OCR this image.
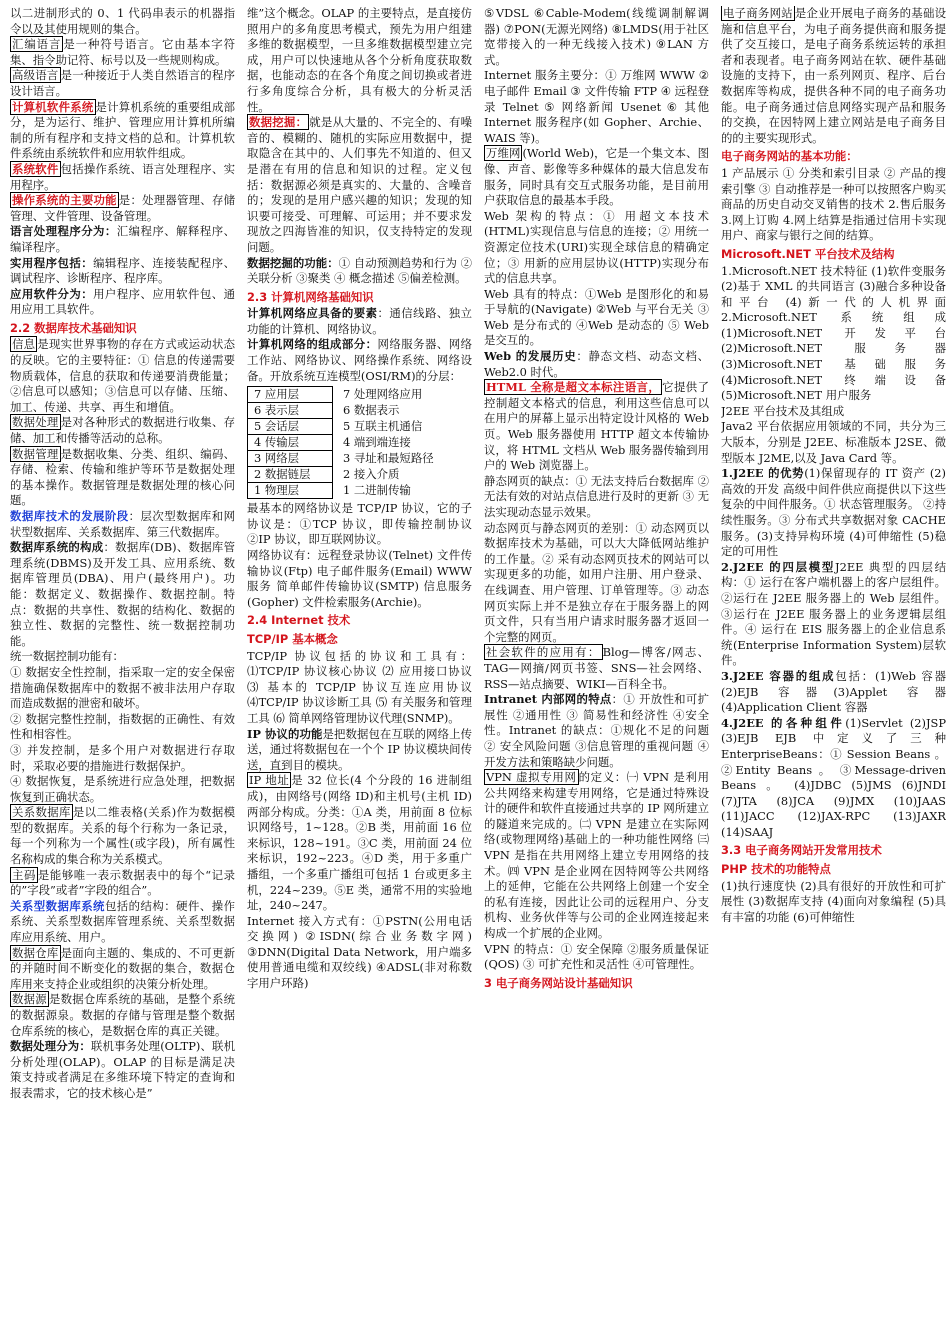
以二进制形式的 0、1 代码串表示的机器指令以及其使用规则的集合。

汇编语言 是一种符号语言。它由基本字符集、指令助记符、标号以及一些规则构成。

高级语言 是一种接近于人类自然语言的程序设计语言。

计算机软件系统 是计算机系统的重要组成部分，是为运行、维护、管理应用计算机所编制的所有程序和支持文档的总和。计算机软件系统由系统软件和应用软件组成。

系统软件 包括操作系统、语言处理程序、实用程序。

操作系统的主要功能 是：处理器管理、存储管理、文件管理、设备管理。

语言处理程序分为：汇编程序、解释程序、编译程序。

实用程序包括：编辑程序、连接装配程序、调试程序、诊断程序、程序库。

应用软件分为：用户程序、应用软件包、通用应用工具软件。

2.2 数据库技术基础知识

信息 是现实世界事物的存在方式或运动状态的反映。它的主要特征：① 信息的传递需要物质载体，信息的获取和传递要消费能量；②信息可以感知；③信息可以存储、压缩、加工、传递、共享、再生和增值。

数据处理 是对各种形式的数据进行收集、存储、加工和传播等活动的总称。

数据管理 是数据收集、分类、组织、编码、存储、检索、传输和维护等环节是数据处理的基本操作。数据管理是数据处理的核心问题。

数据库技术的发展阶段：层次型数据库和网状型数据库、关系数据库、第三代数据库。

数据库系统的构成：数据库(DB)、数据库管理系统(DBMS)及开发工具、应用系统、数据库管理员(DBA)、用户(最终用户)。功能：数据定义、数据操作、数据控制。特点：数据的共享性、数据的结构化、数据的独立性、数据的完整性、统一数据控制功能。

统一数据控制功能有：

① 数据安全性控制，指采取一定的安全保密措施确保数据库中的数据不被非法用户存取而造成数据的泄密和破坏。

② 数据完整性控制，指数据的正确性、有效性和相容性。

③ 并发控制，是多个用户对数据进行存取时，采取必要的措施进行数据保护。

④ 数据恢复，是系统进行应急处理，把数据恢复到正确状态。

关系数据库 是以二维表格(关系)作为数据模型的数据库。关系的每个行称为一条记录，每一个列称为一个属性(或字段)，所有属性名称构成的集合称为关系模式。

主码 是能够唯一表示数据表中的每个“记录的”字段”或者”字段的组合”。

关系型数据库系统包括的结构：硬件、操作系统、关系型数据库管理系统、关系型数据库应用系统、用户。

数据仓库 是面向主题的、集成的、不可更新的并随时间不断变化的数据的集合，数据仓库用来支持企业或组织的决策分析处理。

数据源 是数据仓库系统的基础，是整个系统的数据源泉。数据的存储与管理是整个数据仓库系统的核心，是数据仓库的真正关键。

数据处理分为：联机事务处理(OLTP)、联机分析处理(OLAP)。OLAP 的目标是满足决策支持或者满足在多维环境下特定的查询和报表需求，它的技术核心是”

维”这个概念。OLAP 的主要特点，是直接仿照用户的多角度思考模式，预先为用户组建多维的数据模型，一旦多维数据模型建立完成，用户可以快速地从各个分析角度获取数据，也能动态的在各个角度之间切换或者进行多角度综合分析，具有极大的分析灵活性。

数据挖掘： 就是从大量的、不完全的、有噪音的、模糊的、随机的实际应用数据中，提取隐含在其中的、人们事先不知道的、但又是潜在有用的信息和知识的过程。定义包括：数据源必须是真实的、大量的、含噪音的；发现的是用户感兴趣的知识；发现的知识要可接受、可理解、可运用；并不要求发现放之四海皆准的知识，仅支持特定的发现问题。

数据挖掘的功能：① 自动预测趋势和行为 ② 关联分析 ③聚类 ④ 概念描述 ⑤偏差检测。

2.3 计算机网络基础知识

计算机网络应具备的要素：通信线路、独立功能的计算机、网络协议。

计算机网络的组成部分：网络服务器、网络工作站、网络协议、网络操作系统、网络设备。开放系统互连模型(OSI/RM)的分层：

7 应用层
6 表示层
5 会话层
4 传输层
3 网络层
2 数据链层
1 物理层
7 处理网络应用
6 数据表示
5 互联主机通信
4 端到端连接
3 寻址和最短路径
2 接入介质
1 二进制传输

最基本的网络协议是 TCP/IP 协议，它的子协议是：①TCP 协议，即传输控制协议 ②IP 协议，即互联网协议。

网络协议有：远程登录协议(Telnet) 文件传输协议(Ftp) 电子邮件服务(Email) WWW 服务 简单邮件传输协议(SMTP) 信息服务(Gopher) 文件检索服务(Archie)。

2.4 Internet 技术

TCP/IP 基本概念

TCP/IP 协议包括的协议和工具有：⑴TCP/IP 协议核心协议 ⑵ 应用接口协议 ⑶ 基本的 TCP/IP 协议互连应用协议 ⑷TCP/IP 协议诊断工具 ⑸ 有关服务和管理工具 ⑹ 简单网络管理协议代理(SNMP)。

IP 协议的功能是把数据包在互联的网络上传送，通过将数据包在一个个 IP 协议模块间传送，直到目的模块。

IP 地址 是 32 位长(4 个分段的 16 进制组成)，由网络号(网络 ID)和主机号(主机 ID)两部分构成。分类：①A 类，用前面 8 位标识网络号，1~128。②B 类，用前面 16 位来标识，128~191。③C 类，用前面 24 位来标识，192~223。④D 类，用于多重广播组，一个多重广播组可包括 1 台或更多主机，224~239。⑤E 类，通常不用的实验地址，240~247。

Internet 接入方式有：①PSTN(公用电话交换网) ②ISDN(综合业务数字网) ③DNN(Digital Data Network，用户端多使用普通电缆和双绞线) ④ADSL(非对称数字用户环路)

⑤VDSL ⑥Cable-Modem(线缆调制解调器) ⑦PON(无源光网络) ⑧LMDS(用于社区宽带接入的一种无线接入技术) ⑨LAN 方式。

Internet 服务主要分：① 万维网 WWW ② 电子邮件 Email ③ 文件传输 FTP ④ 远程登录 Telnet ⑤ 网络新闻 Usenet ⑥ 其他 Internet 服务程序(如 Gopher、Archie、WAIS 等)。

万维网 (World Web)，它是一个集文本、图像、声音、影像等多种媒体的最大信息发布服务，同时具有交互式服务功能，是目前用户获取信息的最基本手段。

Web 架构的特点：① 用超文本技术(HTML)实现信息与信息的连接；② 用统一资源定位技术(URI)实现全球信息的精确定位；③ 用新的应用层协议(HTTP)实现分布式的信息共享。

Web 具有的特点：①Web 是图形化的和易于导航的(Navigate) ②Web 与平台无关 ③ Web 是分布式的 ④Web 是动态的 ⑤ Web 是交互的。

Web 的发展历史：静态文档、动态文档、Web2.0 时代。

HTML 全称是超文本标注语言， 它提供了控制超文本格式的信息，利用这些信息可以在用户的屏幕上显示出特定设计风格的 Web 页。Web 服务器使用 HTTP 超文本传输协议，将 HTML 文档从 Web 服务器传输到用户的 Web 浏览器上。

静态网页的缺点：① 无法支持后台数据库 ② 无法有效的对站点信息进行及时的更新 ③ 无法实现动态显示效果。

动态网页与静态网页的差别：① 动态网页以数据库技术为基础，可以大大降低网站维护的工作量。② 采有动态网页技术的网站可以实现更多的功能，如用户注册、用户登录、在线调查、用户管理、订单管理等。③ 动态网页实际上并不是独立存在于服务器上的网页文件，只有当用户请求时服务器才返回一个完整的网页。

社会软件的应用有： Blog—博客/网志、TAG—网摘/网页书签、SNS—社会网络、RSS—站点摘要、WIKI—百科全书。

Intranet 内部网的特点：① 开放性和可扩展性 ②通用性 ③ 简易性和经济性 ④安全性。Intranet 的缺点：①规化不足的问题 ② 安全风险问题 ③信息管理的重视问题 ④开发方法和策略缺少问题。

VPN 虚拟专用网 的定义：㈠ VPN 是利用公共网络来构建专用网络，它是通过特殊设计的硬件和软件直接通过共享的 IP 网所建立的隧道来完成的。㈡ VPN 是建立在实际网络(或物理网络)基础上的一种功能性网络 ㈢ VPN 是指在共用网络上建立专用网络的技术。㈣ VPN 是企业网在因特网等公共网络上的延伸，它能在公共网络上创建一个安全的私有连接，因此让公司的远程用户、分支机构、业务伙伴等与公司的企业网连接起来构成一个扩展的企业网。

VPN 的特点：① 安全保障 ②服务质量保证(QOS) ③ 可扩充性和灵活性 ④可管理性。

3 电子商务网站设计基础知识

电子商务网站 是企业开展电子商务的基础设施和信息平台，为电子商务提供商和服务提供了交互接口，是电子商务系统运转的承担者和表现者。电子商务网站在软、硬件基础设施的支持下，由一系列网页、程序、后台数据库等构成，提供各种不同的电子商务功能。电子商务通过信息网络实现产品和服务的交换，在因特网上建立网站是电子商务目的的主要实现形式。

电子商务网站的基本功能：

1 产品展示 ① 分类和索引目录 ② 产品的搜索引擎 ③ 自动推荐是一种可以按照客户购买商品的历史自动交叉销售的技术 2.售后服务 3.网上订购 4.网上结算是指通过信用卡实现用户、商家与银行之间的结算。

Microsoft.NET 平台技术及结构

1.Microsoft.NET 技术特征 (1)软件变服务 (2)基于 XML 的共同语言 (3)融合多种设备和平台 (4)新一代的人机界面 2.Microsoft.NET 系统组成 (1)Microsoft.NET 开发平台 (2)Microsoft.NET 服务器 (3)Microsoft.NET 基础服务 (4)Microsoft.NET 终端设备 (5)Microsoft.NET 用户服务

J2EE 平台技术及其组成

Java2 平台依据应用领域的不同，共分为三大版本，分别是 J2EE、标准版本 J2SE、微型版本 J2ME,以及 Java Card 等。

1.J2EE 的优势(1)保留现存的 IT 资产 (2)高效的开发 高级中间件供应商提供以下这些复杂的中间件服务。① 状态管理服务。 ②持续性服务。③ 分布式共享数据对象 CACHE 服务。(3)支持异构环境 (4)可伸缩性 (5)稳定的可用性

2.J2EE 的四层模型J2EE 典型的四层结构：① 运行在客户端机器上的客户层组件。 ②运行在 J2EE 服务器上的 Web 层组件。 ③运行在 J2EE 服务器上的业务逻辑层组件。④ 运行在 EIS 服务器上的企业信息系统(Enterprise Information System)层软件。

3.J2EE 容器的组成包括：(1)Web 容器(2)EJB 容器(3)Applet 容器(4)Application Client 容器

4.J2EE 的各种组件(1)Servlet (2)JSP (3)EJB EJB 中定义了三种 EnterpriseBeans：① Session Beans 。 ②Entity Beans 。 ③Message-driven Beans 。 (4)JDBC (5)JMS (6)JNDI (7)JTA (8)JCA (9)JMX (10)JAAS (11)JACC (12)JAX-RPC (13)JAXR (14)SAAJ

3.3 电子商务网站开发常用技术

PHP 技术的功能特点

(1)执行速度快 (2)具有很好的开放性和可扩展性 (3)数据库支持 (4)面向对象编程 (5)具有丰富的功能 (6)可伸缩性
